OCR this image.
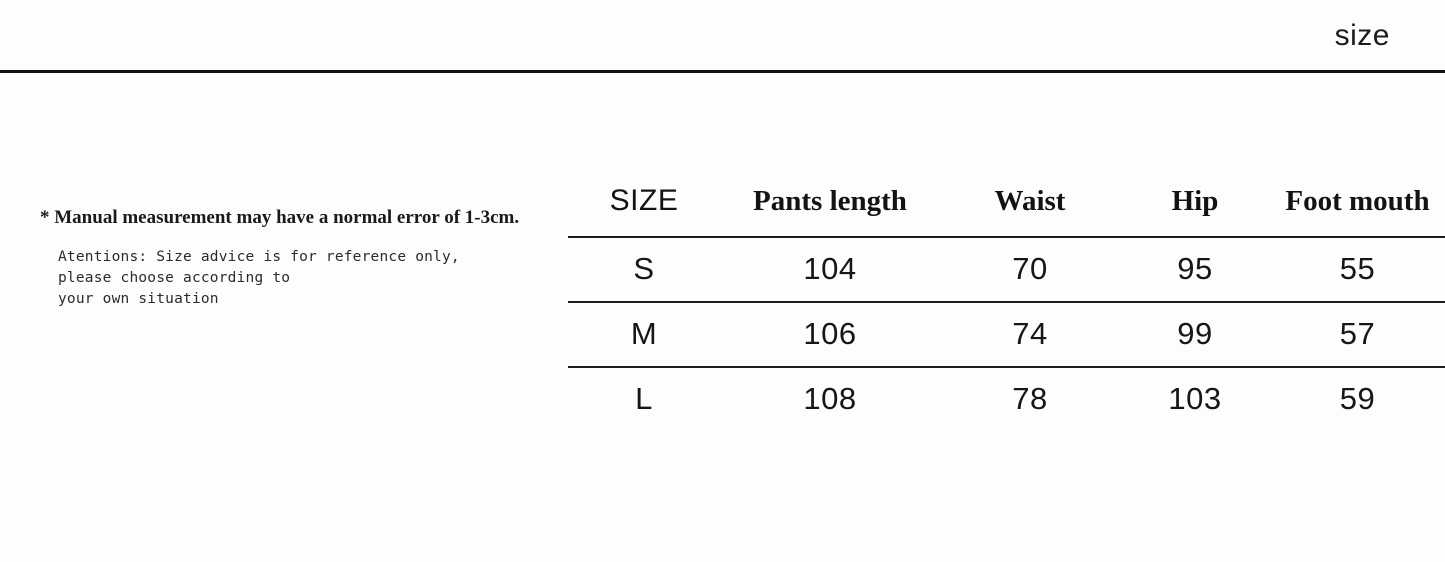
size
* Manual measurement may have a normal error of 1-3cm.
Atentions: Size advice is for reference only,
please choose according to
your own situation
SIZE	Pants length	Waist	Hip	Foot mouth
S	104	70	95	55
M	106	74	99	57
L	108	78	103	59
